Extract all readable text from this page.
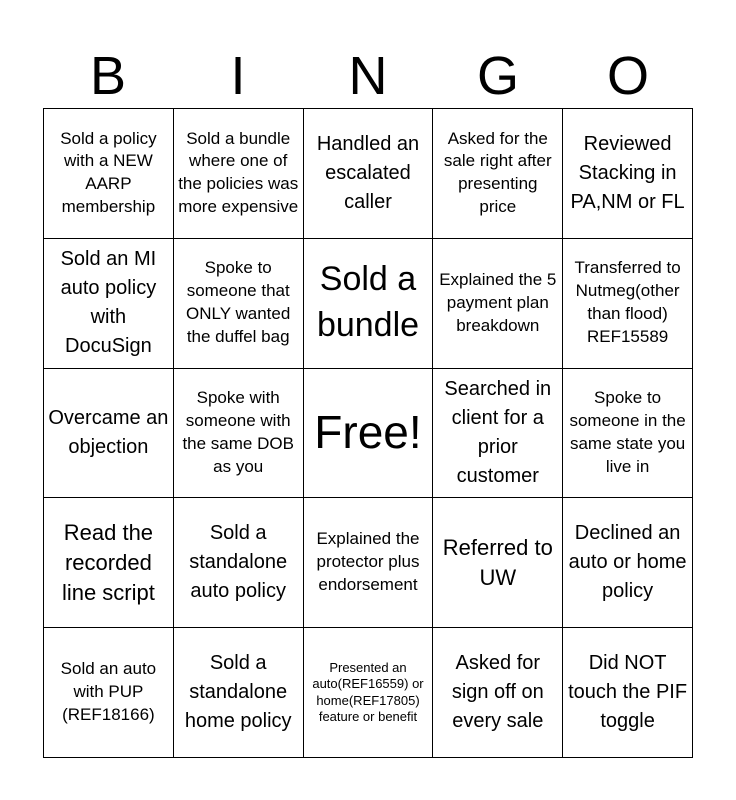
B	I	N	G	O
Sold a policy with a NEW AARP membership
Sold a bundle where one of the policies was more expensive
Handled an escalated caller
Asked for the sale right after presenting price
Reviewed Stacking in PA,NM or FL
Sold an MI auto policy with DocuSign
Spoke to someone that ONLY wanted the duffel bag
Sold a bundle
Explained the 5 payment plan breakdown
Transferred to Nutmeg(other than flood) REF15589
Overcame an objection
Spoke with someone with the same DOB as you
Free!
Searched in client for a prior customer
Spoke to someone in the same state you live in
Read the recorded line script
Sold a standalone auto policy
Explained the protector plus endorsement
Referred to UW
Declined an auto or home policy
Sold an auto with PUP (REF18166)
Sold a standalone home policy
Presented an auto(REF16559) or home(REF17805) feature or benefit
Asked for sign off on every sale
Did NOT touch the PIF toggle
